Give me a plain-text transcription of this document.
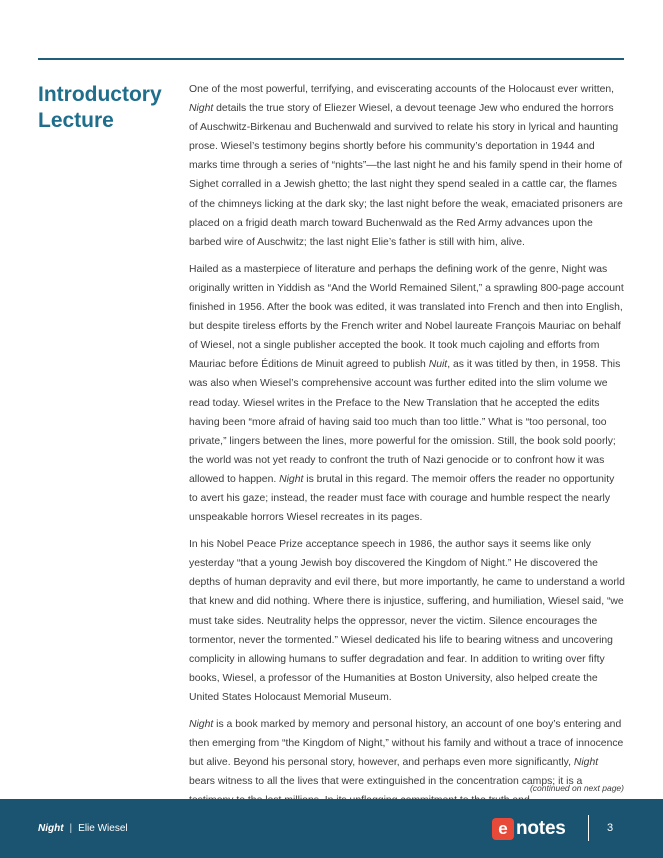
Introductory Lecture

One of the most powerful, terrifying, and eviscerating accounts of the Holocaust ever written, Night details the true story of Eliezer Wiesel, a devout teenage Jew who endured the horrors of Auschwitz-Birkenau and Buchenwald and survived to relate his story in lyrical and haunting prose. Wiesel’s testimony begins shortly before his community’s deportation in 1944 and marks time through a series of “nights”—the last night he and his family spend in their home of Sighet corralled in a Jewish ghetto; the last night they spend sealed in a cattle car, the flames of the chimneys licking at the dark sky; the last night before the weak, emaciated prisoners are placed on a frigid death march toward Buchenwald as the Red Army advances upon the barbed wire of Auschwitz; the last night Elie’s father is still with him, alive.

Hailed as a masterpiece of literature and perhaps the defining work of the genre, Night was originally written in Yiddish as “And the World Remained Silent,” a sprawling 800-page account finished in 1956. After the book was edited, it was translated into French and then into English, but despite tireless efforts by the French writer and Nobel laureate François Mauriac on behalf of Wiesel, not a single publisher accepted the book. It took much cajoling and efforts from Mauriac before Éditions de Minuit agreed to publish Nuit, as it was titled by then, in 1958. This was also when Wiesel’s comprehensive account was further edited into the slim volume we read today. Wiesel writes in the Preface to the New Translation that he accepted the edits having been “more afraid of having said too much than too little.” What is “too personal, too private,” lingers between the lines, more powerful for the omission. Still, the book sold poorly; the world was not yet ready to confront the truth of Nazi genocide or to confront how it was allowed to happen. Night is brutal in this regard. The memoir offers the reader no opportunity to avert his gaze; instead, the reader must face with courage and humble respect the nearly unspeakable horrors Wiesel recreates in its pages.

In his Nobel Peace Prize acceptance speech in 1986, the author says it seems like only yesterday “that a young Jewish boy discovered the Kingdom of Night.” He discovered the depths of human depravity and evil there, but more importantly, he came to understand a world that knew and did nothing. Where there is injustice, suffering, and humiliation, Wiesel said, “we must take sides. Neutrality helps the oppressor, never the victim. Silence encourages the tormentor, never the tormented.” Wiesel dedicated his life to bearing witness and uncovering complicity in allowing humans to suffer degradation and fear. In addition to writing over fifty books, Wiesel, a professor of the Humanities at Boston University, also helped create the United States Holocaust Memorial Museum.

Night is a book marked by memory and personal history, an account of one boy’s entering and then emerging from “the Kingdom of Night,” without his family and without a trace of innocence but alive. Beyond his personal story, however, and perhaps even more significantly, Night bears witness to all the lives that were extinguished in the concentration camps; it is a

(continued on next page)
Night | Elie Wiesel	e notes	3
